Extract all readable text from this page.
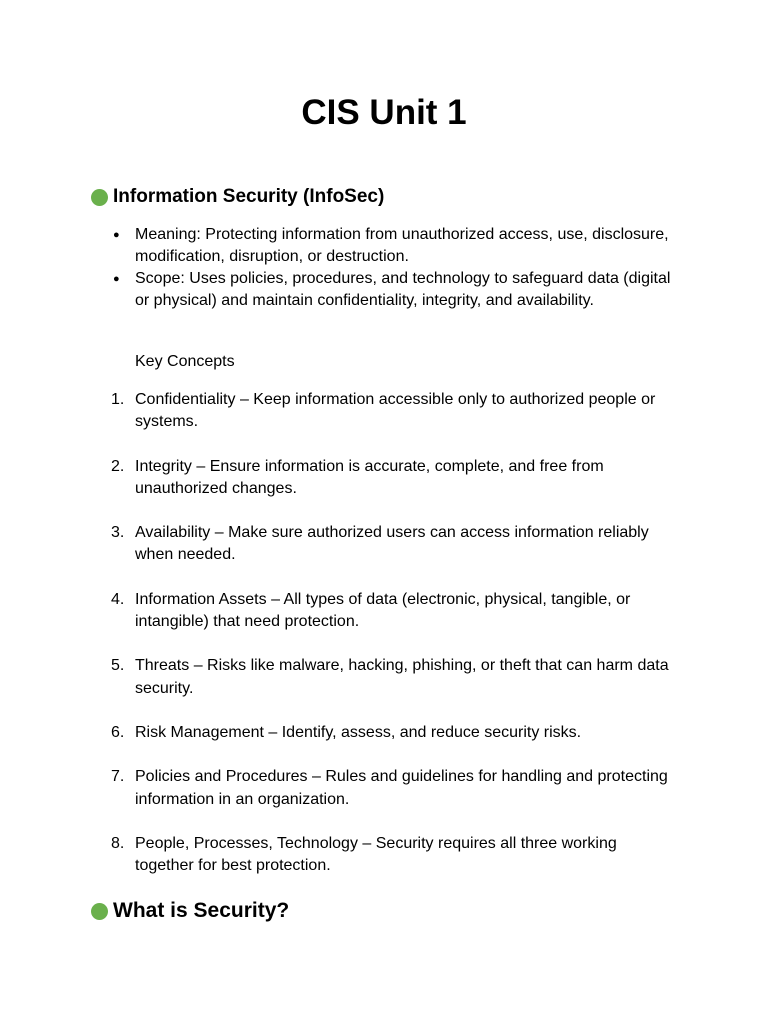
CIS Unit 1
Information Security (InfoSec)
● Meaning: Protecting information from unauthorized access, use, disclosure, modification, disruption, or destruction.
● Scope: Uses policies, procedures, and technology to safeguard data (digital or physical) and maintain confidentiality, integrity, and availability.

Key Concepts

1. Confidentiality – Keep information accessible only to authorized people or systems.
2. Integrity – Ensure information is accurate, complete, and free from unauthorized changes.
3. Availability – Make sure authorized users can access information reliably when needed.
4. Information Assets – All types of data (electronic, physical, tangible, or intangible) that need protection.
5. Threats – Risks like malware, hacking, phishing, or theft that can harm data security.
6. Risk Management – Identify, assess, and reduce security risks.
7. Policies and Procedures – Rules and guidelines for handling and protecting information in an organization.
8. People, Processes, Technology – Security requires all three working together for best protection.
What is Security?
